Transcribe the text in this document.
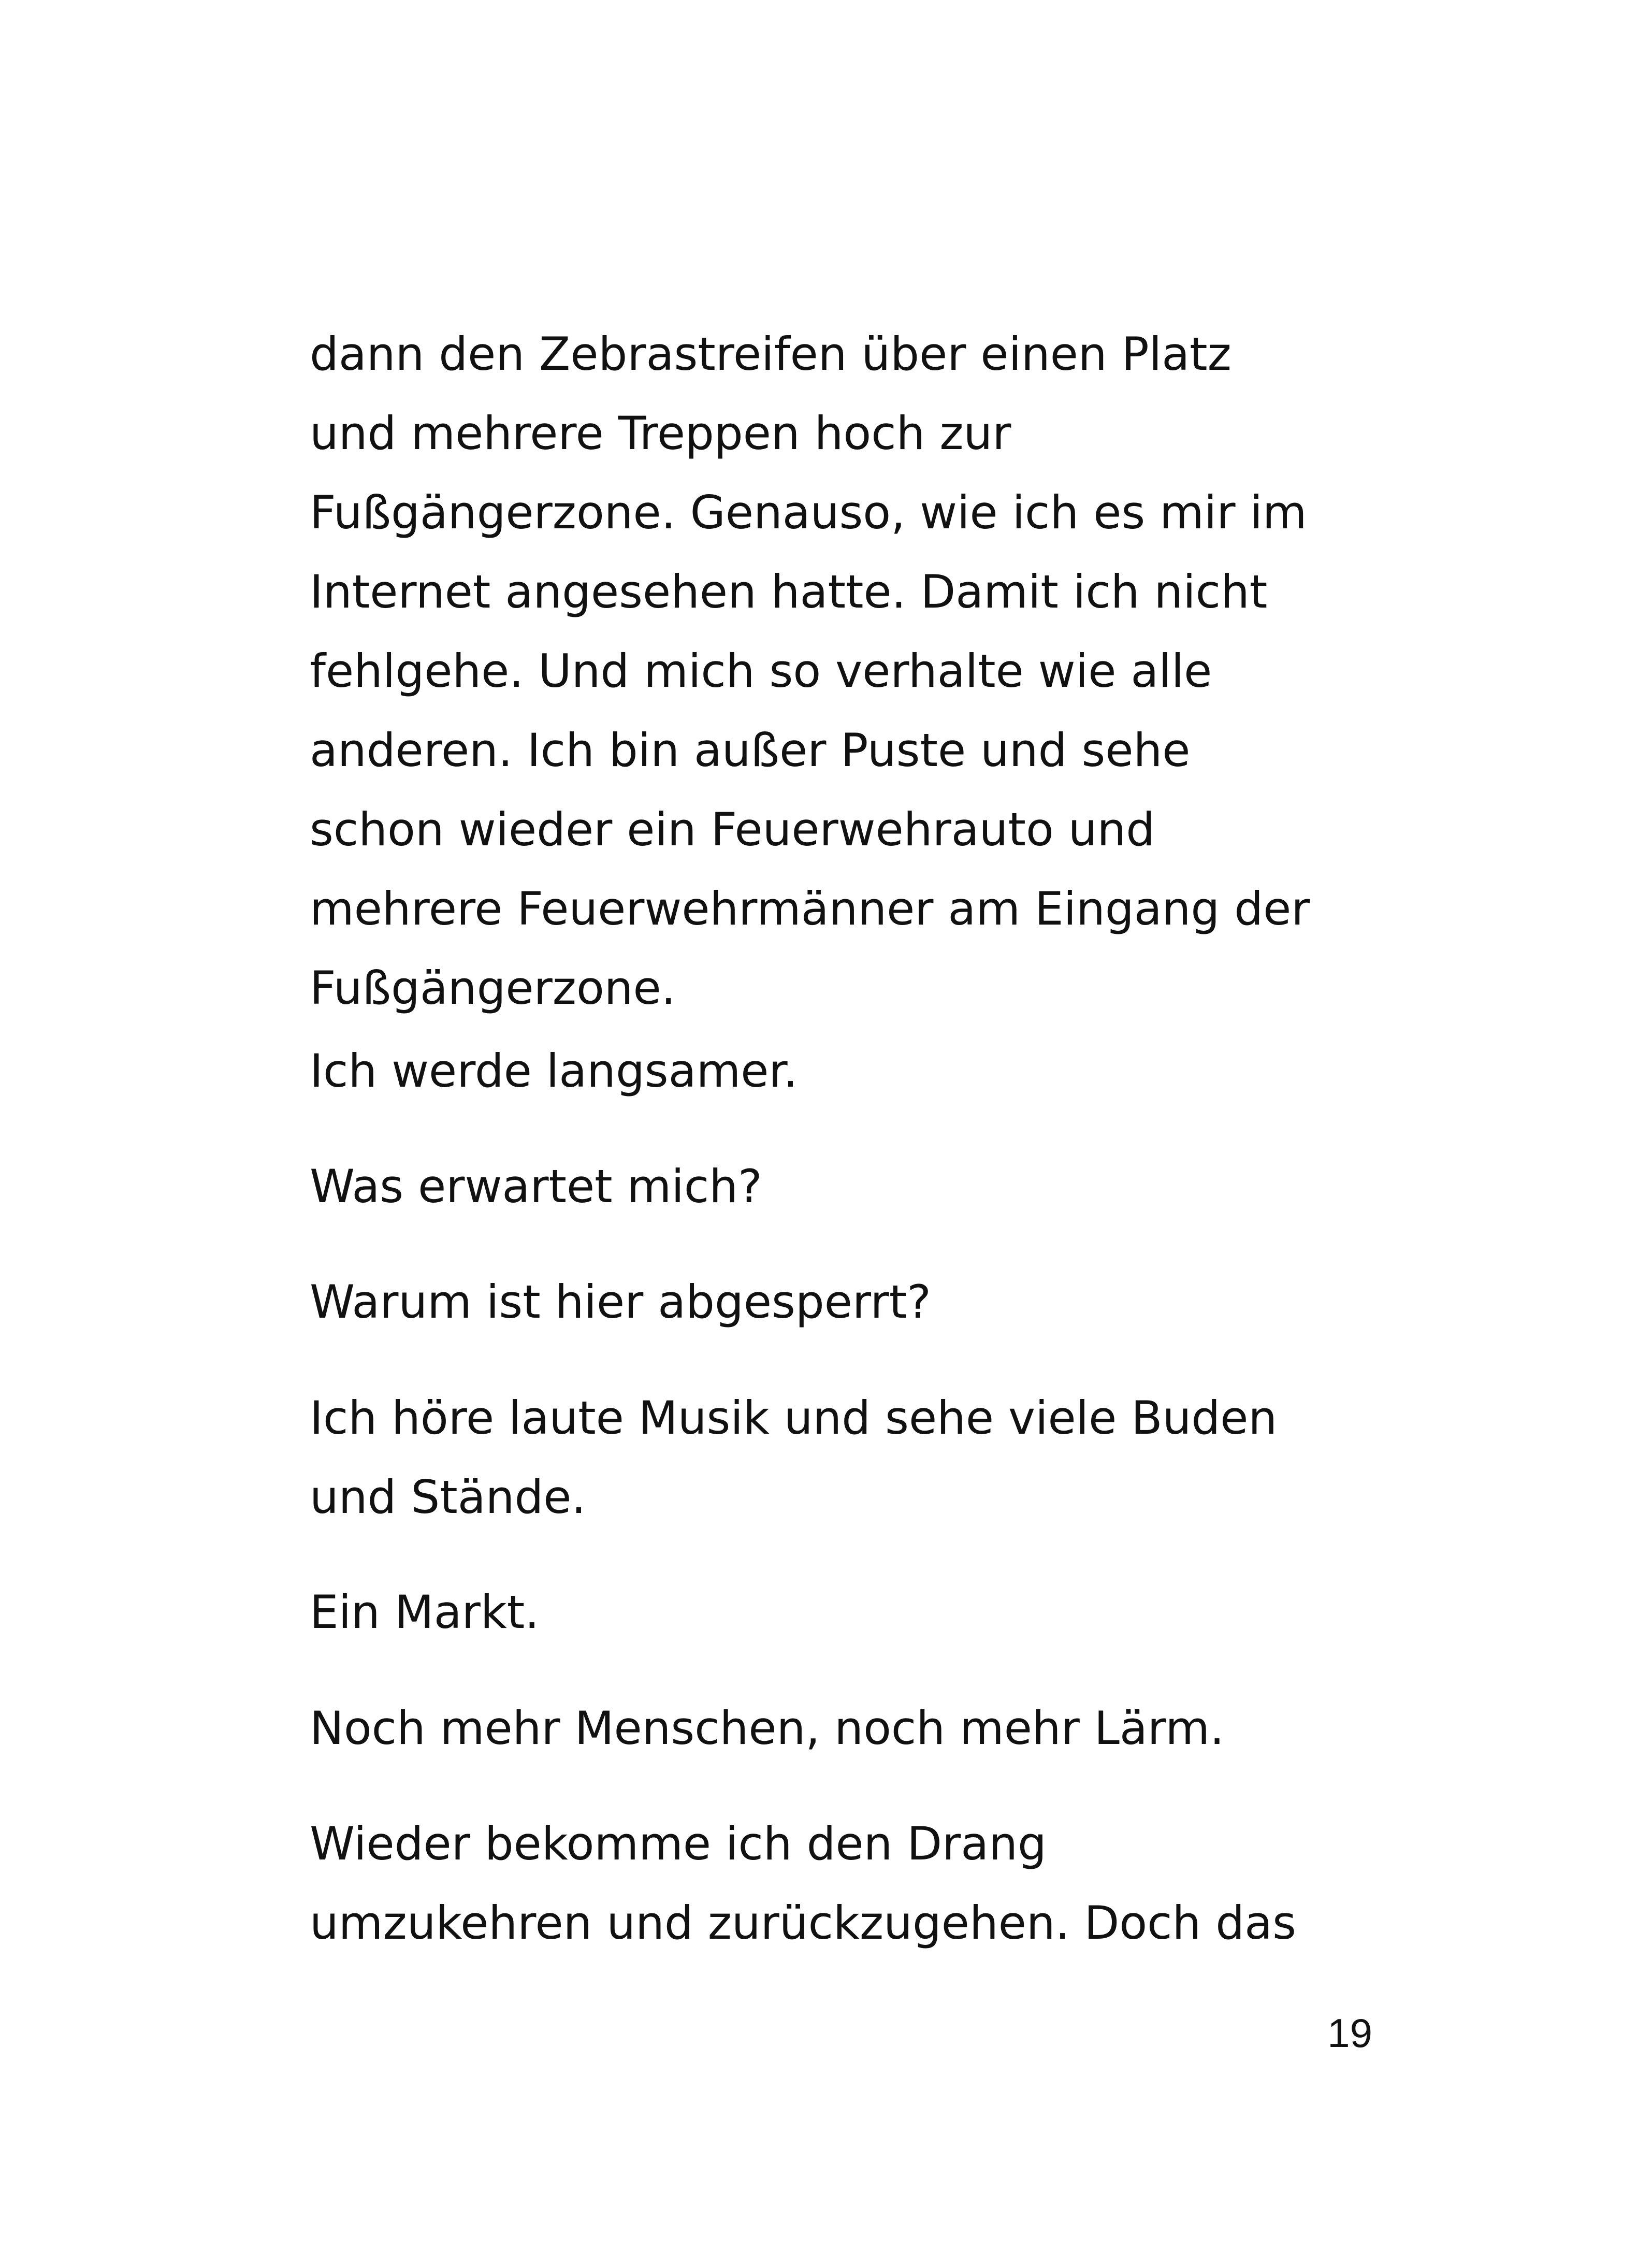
dann den Zebrastreifen über einen Platz
und mehrere Treppen hoch zur
Fußgängerzone. Genauso, wie ich es mir im
Internet angesehen hatte. Damit ich nicht
fehlgehe. Und mich so verhalte wie alle
anderen. Ich bin außer Puste und sehe
schon wieder ein Feuerwehrauto und
mehrere Feuerwehrmänner am Eingang der
Fußgängerzone.

Ich werde langsamer.

Was erwartet mich?

Warum ist hier abgesperrt?

Ich höre laute Musik und sehe viele Buden
und Stände.

Ein Markt.

Noch mehr Menschen, noch mehr Lärm.

Wieder bekomme ich den Drang
umzukehren und zurückzugehen. Doch das

19
